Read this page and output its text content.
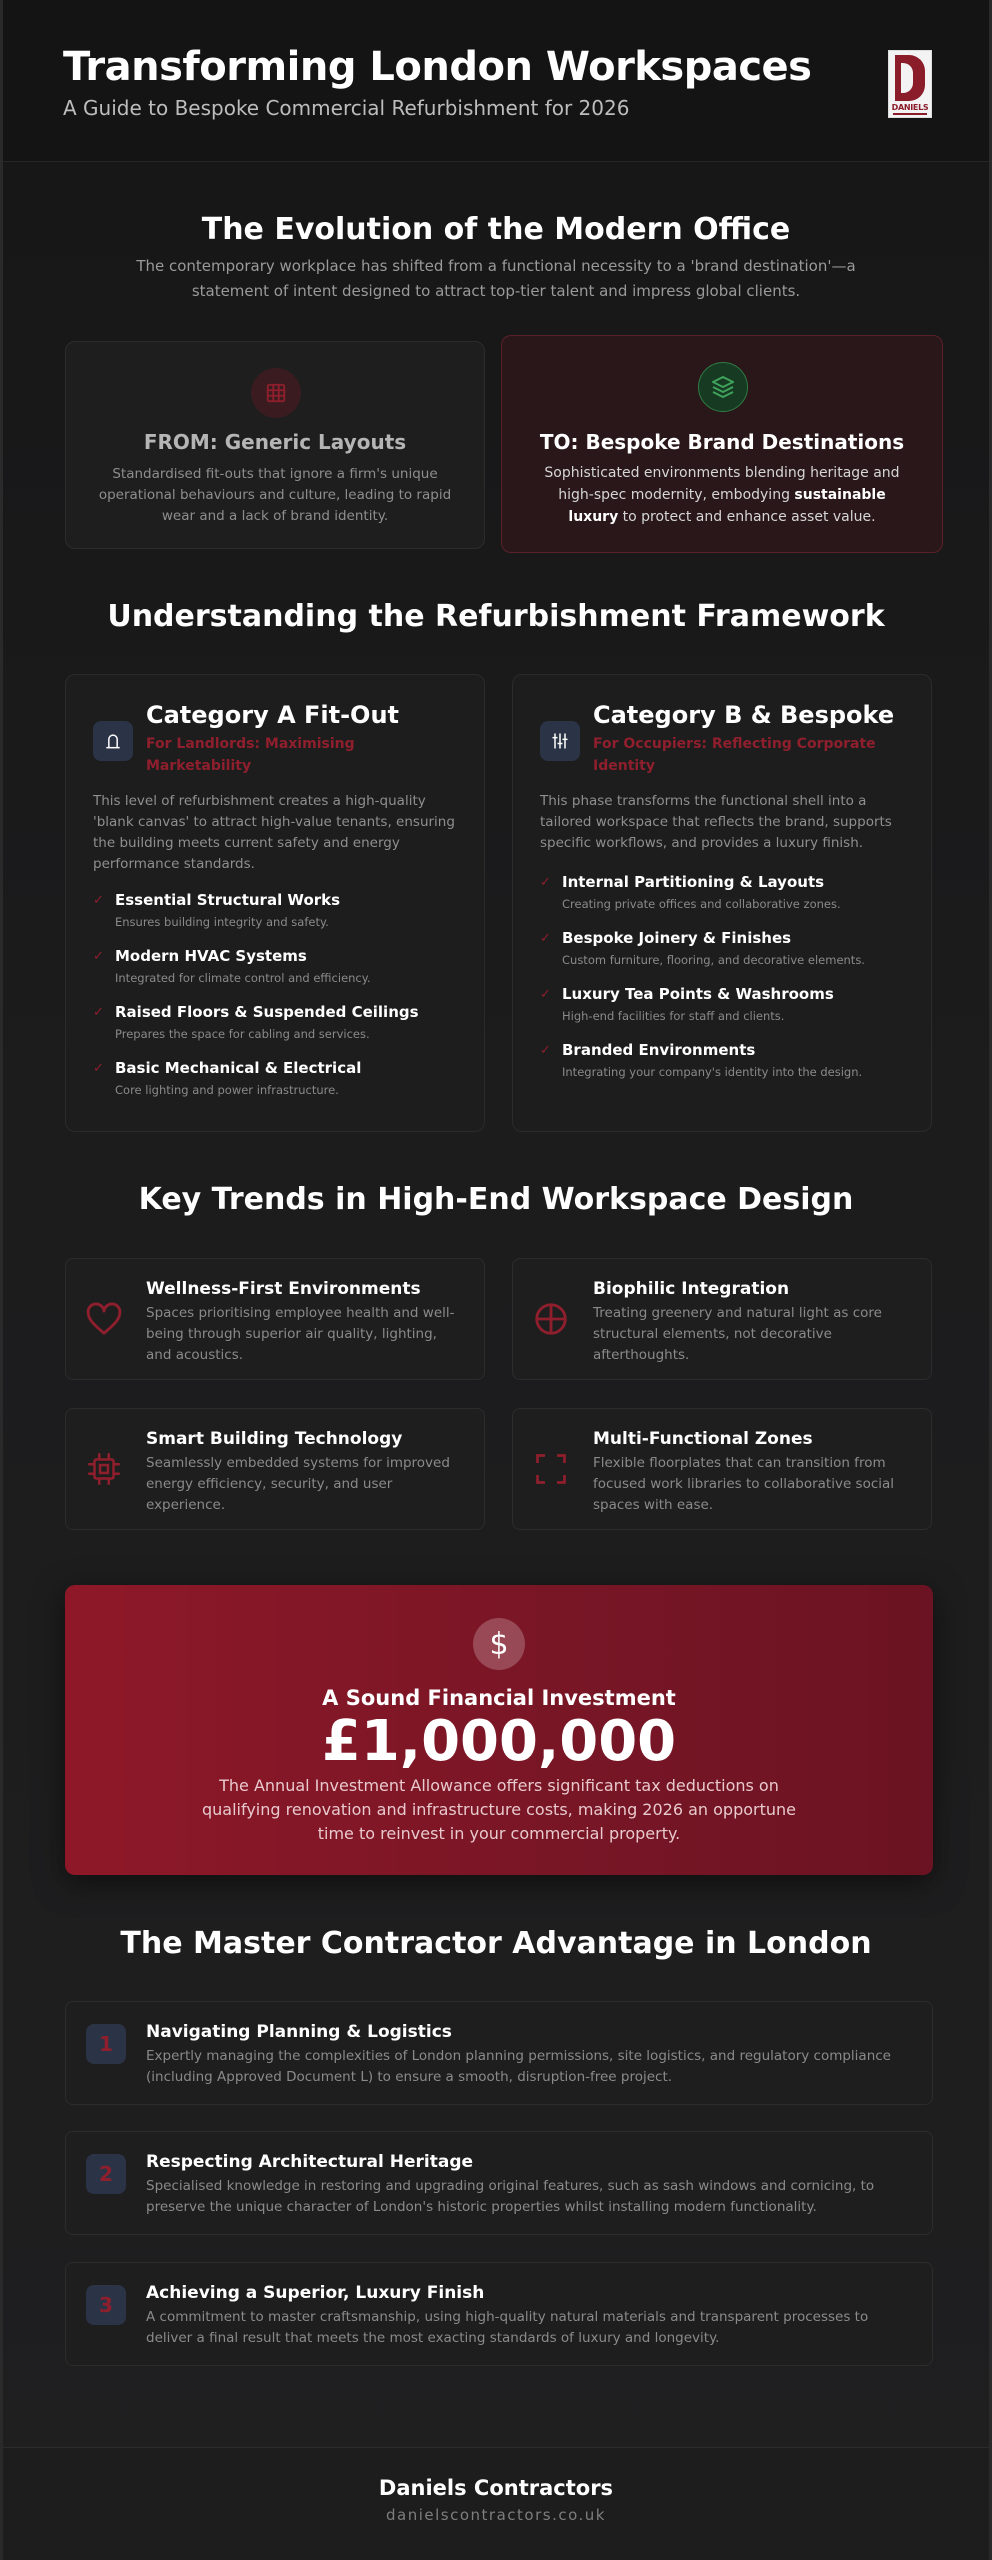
Transforming London Workspaces
A Guide to Bespoke Commercial Refurbishment for 2026	DANIELS
The Evolution of the Modern Office
The contemporary workplace has shifted from a functional necessity to a 'brand destination'—a statement of intent designed to attract top-tier talent and impress global clients.
FROM: Generic Layouts
Standardised fit-outs that ignore a firm's unique operational behaviours and culture, leading to rapid wear and a lack of brand identity.
TO: Bespoke Brand Destinations
Sophisticated environments blending heritage and high-spec modernity, embodying sustainable luxury to protect and enhance asset value.
Understanding the Refurbishment Framework
Category A Fit-Out
For Landlords: Maximising Marketability
This level of refurbishment creates a high-quality 'blank canvas' to attract high-value tenants, ensuring the building meets current safety and energy performance standards.
✓ Essential Structural Works
Ensures building integrity and safety.
✓ Modern HVAC Systems
Integrated for climate control and efficiency.
✓ Raised Floors & Suspended Ceilings
Prepares the space for cabling and services.
✓ Basic Mechanical & Electrical
Core lighting and power infrastructure.
Category B & Bespoke
For Occupiers: Reflecting Corporate Identity
This phase transforms the functional shell into a tailored workspace that reflects the brand, supports specific workflows, and provides a luxury finish.
✓ Internal Partitioning & Layouts
Creating private offices and collaborative zones.
✓ Bespoke Joinery & Finishes
Custom furniture, flooring, and decorative elements.
✓ Luxury Tea Points & Washrooms
High-end facilities for staff and clients.
✓ Branded Environments
Integrating your company's identity into the design.
Key Trends in High-End Workspace Design
Wellness-First Environments
Spaces prioritising employee health and well-being through superior air quality, lighting, and acoustics.
Biophilic Integration
Treating greenery and natural light as core structural elements, not decorative afterthoughts.
Smart Building Technology
Seamlessly embedded systems for improved energy efficiency, security, and user experience.
Multi-Functional Zones
Flexible floorplates that can transition from focused work libraries to collaborative social spaces with ease.
$
A Sound Financial Investment
£1,000,000
The Annual Investment Allowance offers significant tax deductions on qualifying renovation and infrastructure costs, making 2026 an opportune time to reinvest in your commercial property.
The Master Contractor Advantage in London
1	Navigating Planning & Logistics
Expertly managing the complexities of London planning permissions, site logistics, and regulatory compliance (including Approved Document L) to ensure a smooth, disruption-free project.
2	Respecting Architectural Heritage
Specialised knowledge in restoring and upgrading original features, such as sash windows and cornicing, to preserve the unique character of London's historic properties whilst installing modern functionality.
3	Achieving a Superior, Luxury Finish
A commitment to master craftsmanship, using high-quality natural materials and transparent processes to deliver a final result that meets the most exacting standards of luxury and longevity.
Daniels Contractors
danielscontractors.co.uk
